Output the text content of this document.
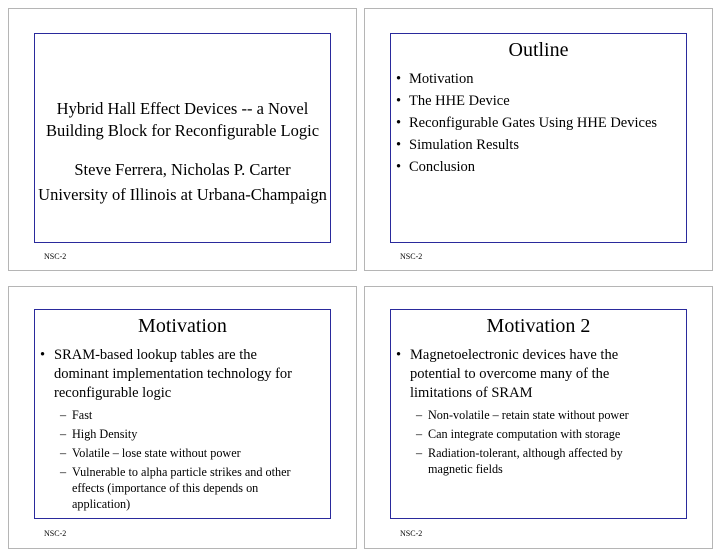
Hybrid Hall Effect Devices -- a Novel
Building Block for Reconfigurable Logic
Steve Ferrera, Nicholas P. Carter
University of Illinois at Urbana-Champaign
NSC-2
Outline
• Motivation
• The HHE Device
• Reconfigurable Gates Using HHE Devices
• Simulation Results
• Conclusion
NSC-2
Motivation
• SRAM-based lookup tables are the
dominant implementation technology for
reconfigurable logic
– Fast
– High Density
– Volatile – lose state without power
– Vulnerable to alpha particle strikes and other
effects (importance of this depends on
application)
NSC-2
Motivation 2
• Magnetoelectronic devices have the
potential to overcome many of the
limitations of SRAM
– Non-volatile – retain state without power
– Can integrate computation with storage
– Radiation-tolerant, although affected by
magnetic fields
NSC-2
